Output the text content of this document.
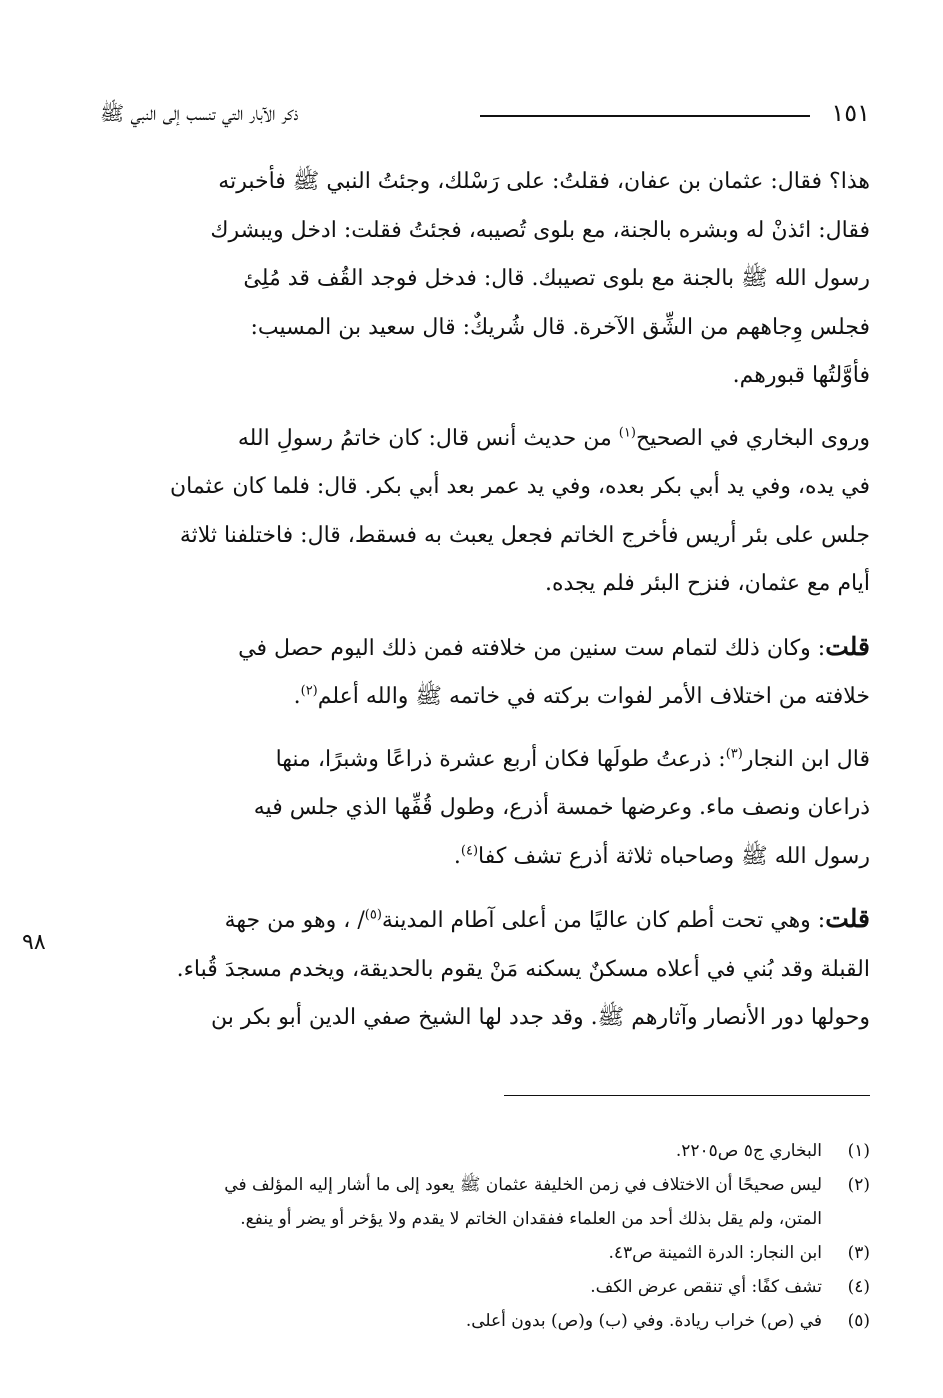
١٥١
ذكر الآبار التي تنسب إلى النبي ﷺ
٩٨
هذا؟ فقال: عثمان بن عفان، فقلتُ: على رَسْلك، وجئتُ النبي ﷺ فأخبرته
فقال: ائذنْ له وبشره بالجنة، مع بلوى تُصيبه، فجئتُ فقلت: ادخل ويبشرك
رسول الله ﷺ بالجنة مع بلوى تصيبك. قال: فدخل فوجد القُف قد مُلِئ
فجلس وِجاههم من الشِّق الآخرة. قال شُريكٌ: قال سعيد بن المسيب:
فأوَّلتُها قبورهم.
وروى البخاري في الصحيح$^{(١)}$ من حديث أنس قال: كان خاتمُ رسولِ الله
في يده، وفي يد أبي بكر بعده، وفي يد عمر بعد أبي بكر. قال: فلما كان عثمان
جلس على بئر أريس فأخرج الخاتم فجعل يعبث به فسقط، قال: فاختلفنا ثلاثة
أيام مع عثمان، فنزح البئر فلم يجده.
قلت: وكان ذلك لتمام ست سنين من خلافته فمن ذلك اليوم حصل في
خلافته من اختلاف الأمر لفوات بركته في خاتمه ﷺ والله أعلم$^{(٢)}$.
قال ابن النجار$^{(٣)}$: ذرعتُ طولَها فكان أربع عشرة ذراعًا وشبرًا، منها
ذراعان ونصف ماء. وعرضها خمسة أذرع، وطول قُفِّها الذي جلس فيه
رسول الله ﷺ وصاحباه ثلاثة أذرع تشف كفا$^{(٤)}$.
قلت: وهي تحت أطم كان عاليًا من أعلى آطام المدينة$^{(٥)}$/ ، وهو من جهة
القبلة وقد بُني في أعلاه مسكنٌ يسكنه مَنْ يقوم بالحديقة، ويخدم مسجدَ قُباء.
وحولها دور الأنصار وآثارهم ﷺ. وقد جدد لها الشيخ صفي الدين أبو بكر بن
(١)
البخاري ج٥ ص٢٢٠٥.
(٢)
ليس صحيحًا أن الاختلاف في زمن الخليفة عثمان ﷺ يعود إلى ما أشار إليه المؤلف في
المتن، ولم يقل بذلك أحد من العلماء ففقدان الخاتم لا يقدم ولا يؤخر أو يضر أو ينفع.
(٣)
ابن النجار: الدرة الثمينة ص٤٣.
(٤)
تشف كفًا: أي تنقص عرض الكف.
(٥)
في (ص) خراب ريادة. وفي (ب) و(ص) بدون أعلى.
